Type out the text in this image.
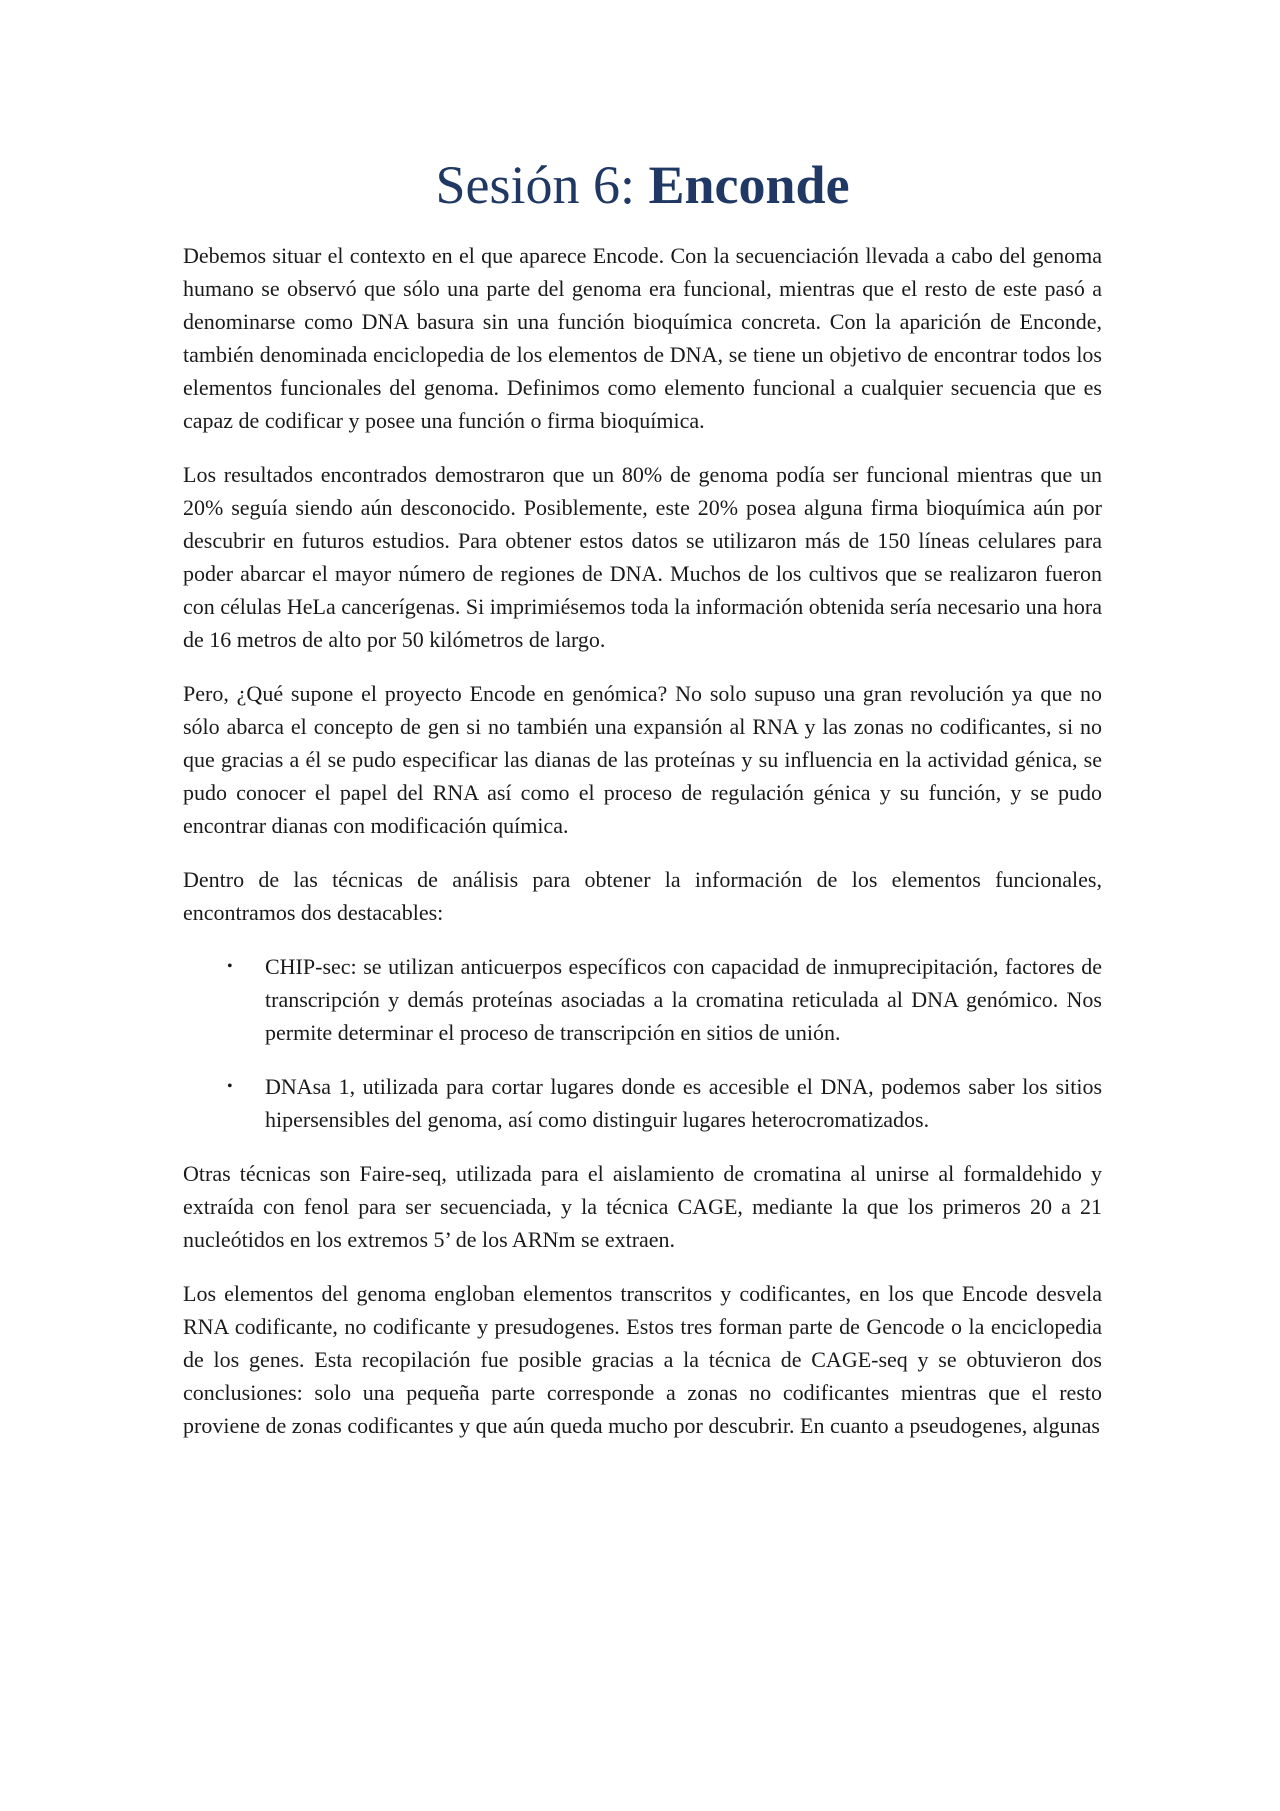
Sesión 6: Enconde

Debemos situar el contexto en el que aparece Encode. Con la secuenciación llevada a cabo del genoma humano se observó que sólo una parte del genoma era funcional, mientras que el resto de este pasó a denominarse como DNA basura sin una función bioquímica concreta. Con la aparición de Enconde, también denominada enciclopedia de los elementos de DNA, se tiene un objetivo de encontrar todos los elementos funcionales del genoma. Definimos como elemento funcional a cualquier secuencia que es capaz de codificar y posee una función o firma bioquímica.

Los resultados encontrados demostraron que un 80% de genoma podía ser funcional mientras que un 20% seguía siendo aún desconocido. Posiblemente, este 20% posea alguna firma bioquímica aún por descubrir en futuros estudios. Para obtener estos datos se utilizaron más de 150 líneas celulares para poder abarcar el mayor número de regiones de DNA. Muchos de los cultivos que se realizaron fueron con células HeLa cancerígenas. Si imprimiésemos toda la información obtenida sería necesario una hora de 16 metros de alto por 50 kilómetros de largo.

Pero, ¿Qué supone el proyecto Encode en genómica? No solo supuso una gran revolución ya que no sólo abarca el concepto de gen si no también una expansión al RNA y las zonas no codificantes, si no que gracias a él se pudo especificar las dianas de las proteínas y su influencia en la actividad génica, se pudo conocer el papel del RNA así como el proceso de regulación génica y su función, y se pudo encontrar dianas con modificación química.

Dentro de las técnicas de análisis para obtener la información de los elementos funcionales, encontramos dos destacables:

• CHIP-sec: se utilizan anticuerpos específicos con capacidad de inmuprecipitación, factores de transcripción y demás proteínas asociadas a la cromatina reticulada al DNA genómico. Nos permite determinar el proceso de transcripción en sitios de unión.
• DNAsa 1, utilizada para cortar lugares donde es accesible el DNA, podemos saber los sitios hipersensibles del genoma, así como distinguir lugares heterocromatizados.

Otras técnicas son Faire-seq, utilizada para el aislamiento de cromatina al unirse al formaldehido y extraída con fenol para ser secuenciada, y la técnica CAGE, mediante la que los primeros 20 a 21 nucleótidos en los extremos 5’ de los ARNm se extraen.

Los elementos del genoma engloban elementos transcritos y codificantes, en los que Encode desvela RNA codificante, no codificante y presudogenes. Estos tres forman parte de Gencode o la enciclopedia de los genes. Esta recopilación fue posible gracias a la técnica de CAGE-seq y se obtuvieron dos conclusiones: solo una pequeña parte corresponde a zonas no codificantes mientras que el resto proviene de zonas codificantes y que aún queda mucho por descubrir. En cuanto a pseudogenes, algunas
